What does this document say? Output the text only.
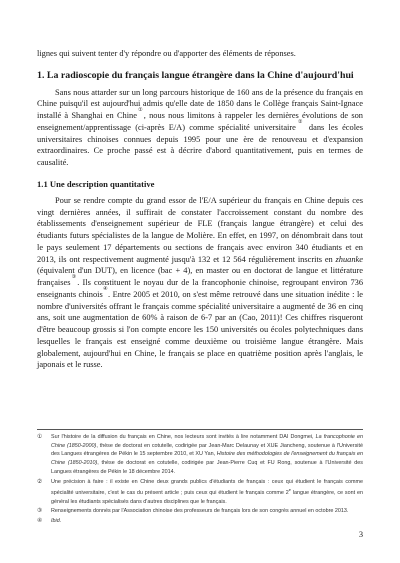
lignes qui suivent tenter d'y répondre ou d'apporter des éléments de réponses.

1. La radioscopie du français langue étrangère dans la Chine d'aujourd'hui

Sans nous attarder sur un long parcours historique de 160 ans de la présence du français en Chine puisqu'il est aujourd'hui admis qu'elle date de 1850 dans le Collège français Saint-Ignace installé à Shanghai en Chine①, nous nous limitons à rappeler les dernières évolutions de son enseignement/apprentissage (ci-après E/A) comme spécialité universitaire② dans les écoles universitaires chinoises connues depuis 1995 pour une ère de renouveau et d'expansion extraordinaires. Ce proche passé est à décrire d'abord quantitativement, puis en termes de causalité.

1.1 Une description quantitative

Pour se rendre compte du grand essor de l'E/A supérieur du français en Chine depuis ces vingt dernières années, il suffirait de constater l'accroissement constant du nombre des établissements d'enseignement supérieur de FLE (français langue étrangère) et celui des étudiants futurs spécialistes de la langue de Molière. En effet, en 1997, on dénombrait dans tout le pays seulement 17 départements ou sections de français avec environ 340 étudiants et en 2013, ils ont respectivement augmenté jusqu'à 132 et 12 564 régulièrement inscrits en zhuanke (équivalent d'un DUT), en licence (bac + 4), en master ou en doctorat de langue et littérature françaises③. Ils constituent le noyau dur de la francophonie chinoise, regroupant environ 736 enseignants chinois④. Entre 2005 et 2010, on s'est même retrouvé dans une situation inédite : le nombre d'universités offrant le français comme spécialité universitaire a augmenté de 36 en cinq ans, soit une augmentation de 60% à raison de 6-7 par an (Cao, 2011)! Ces chiffres risqueront d'être beaucoup grossis si l'on compte encore les 150 universités ou écoles polytechniques dans lesquelles le français est enseigné comme deuxième ou troisième langue étrangère. Mais globalement, aujourd'hui en Chine, le français se place en quatrième position après l'anglais, le japonais et le russe.

①	Sur l'histoire de la diffusion du français en Chine, nos lecteurs sont invités à lire notamment DAI Dongmei, La francophonie en Chine (1850-2000), thèse de doctorat en cotutelle, codirigée par Jean-Marc Delaunay et XUE Jiancheng, soutenue à l'Université des Langues étrangères de Pékin le 15 septembre 2010, et XU Yan, Histoire des méthodologies de l'enseignement du français en Chine (1850-2010), thèse de doctorat en cotutelle, codirigée par Jean-Pierre Cuq et FU Rong, soutenue à l'Université des Langues étrangères de Pékin le 18 décembre 2014.
②	Une précision à faire : il existe en Chine deux grands publics d'étudiants de français : ceux qui étudient le français comme spécialité universitaire, c'est le cas du présent article ; puis ceux qui étudient le français comme 2e langue étrangère, ce sont en général les étudiants spécialisés dans d'autres disciplines que le français.
③	Renseignements donnés par l'Association chinoise des professeurs de français lors de son congrès annuel en octobre 2013.
④	Ibid.
3
